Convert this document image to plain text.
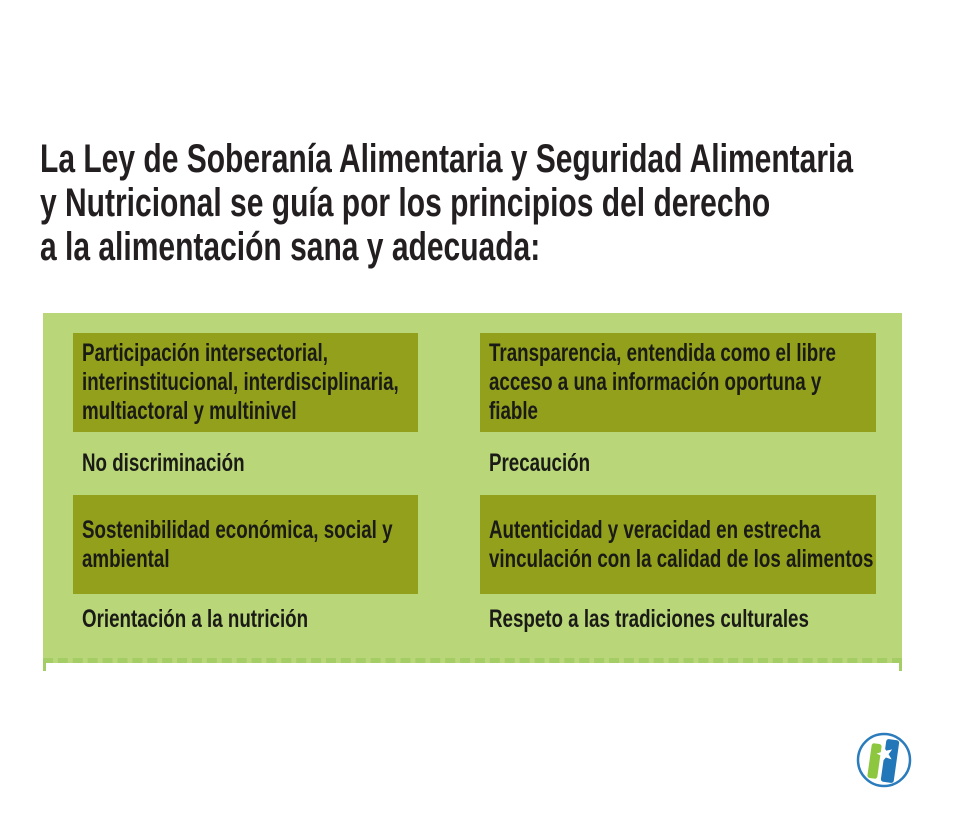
La Ley de Soberanía Alimentaria y Seguridad Alimentaria
y Nutricional se guía por los principios del derecho
a la alimentación sana y adecuada:
Participación intersectorial,
interinstitucional, interdisciplinaria,
multiactoral y multinivel
Transparencia, entendida como el libre
acceso a una información oportuna y
fiable
No discriminación	Precaución
Sostenibilidad económica, social y
ambiental
Autenticidad y veracidad en estrecha
vinculación con la calidad de los alimentos
Orientación a la nutrición	Respeto a las tradiciones culturales
